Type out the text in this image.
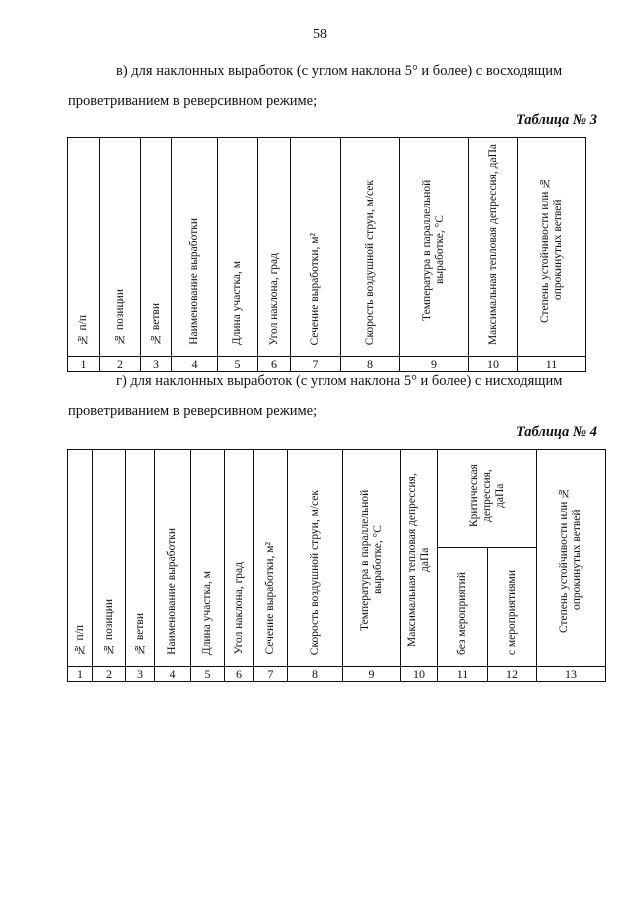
58
в) для наклонных выработок (с углом наклона 5° и более) с восходящим проветриванием в реверсивном режиме;
Таблица № 3
№ п/п	№ позиции	№ ветви	Наименование выработки	Длина участка, м	Угол наклона, град	Сечение выработки, м²	Скорость воздушной струи, м/сек	Температура в параллельной выработке, °С	Максимальная тепловая депрессия, даПа	Степень устойчивости или № опрокинутых ветвей
1	2	3	4	5	6	7	8	9	10	11
г) для наклонных выработок (с углом наклона 5° и более) с нисходящим проветриванием в реверсивном режиме;
Таблица № 4
№ п/п	№ позиции	№ ветви	Наименование выработки	Длина участка, м	Угол наклона, град	Сечение выработки, м²	Скорость воздушной струи, м/сек	Температура в параллельной выработке, °С	Максимальная тепловая депрессия, даПа	Критическая депрессия, даПа		Степень устойчивости или № опрокинутых ветвей
										без мероприятий	с мероприятиями	
1	2	3	4	5	6	7	8	9	10	11	12	13
